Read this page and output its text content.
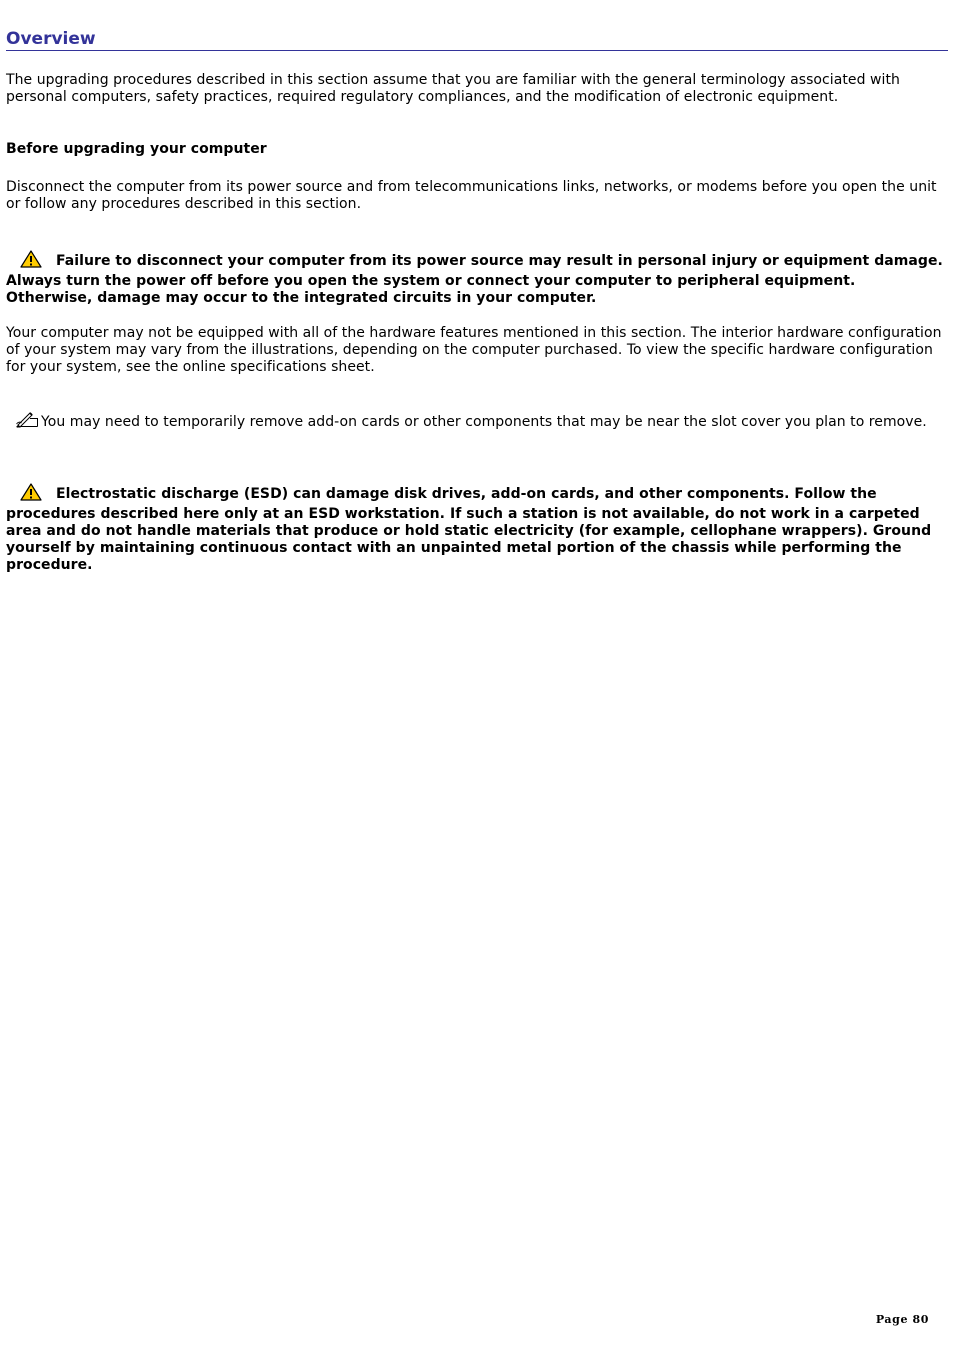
Overview

The upgrading procedures described in this section assume that you are familiar with the general terminology associated with personal computers, safety practices, required regulatory compliances, and the modification of electronic equipment.

Before upgrading your computer

Disconnect the computer from its power source and from telecommunications links, networks, or modems before you open the unit or follow any procedures described in this section.

Failure to disconnect your computer from its power source may result in personal injury or equipment damage. Always turn the power off before you open the system or connect your computer to peripheral equipment. Otherwise, damage may occur to the integrated circuits in your computer.

Your computer may not be equipped with all of the hardware features mentioned in this section. The interior hardware configuration of your system may vary from the illustrations, depending on the computer purchased. To view the specific hardware configuration for your system, see the online specifications sheet.

You may need to temporarily remove add-on cards or other components that may be near the slot cover you plan to remove.

Electrostatic discharge (ESD) can damage disk drives, add-on cards, and other components. Follow the procedures described here only at an ESD workstation. If such a station is not available, do not work in a carpeted area and do not handle materials that produce or hold static electricity (for example, cellophane wrappers). Ground yourself by maintaining continuous contact with an unpainted metal portion of the chassis while performing the procedure.

Page 80
